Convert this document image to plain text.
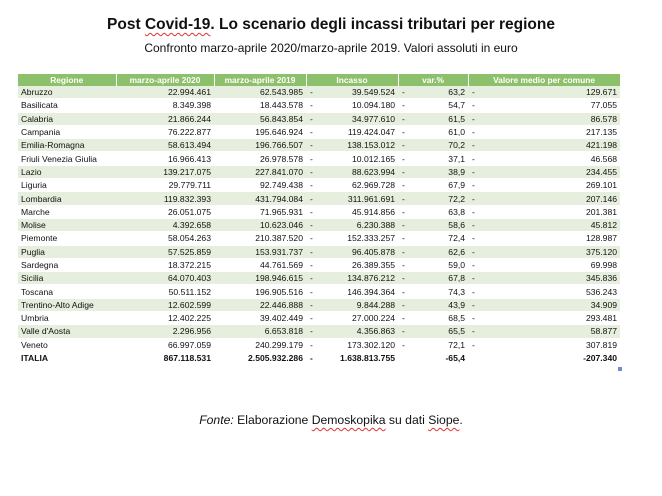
Post Covid-19. Lo scenario degli incassi tributari per regione
Confronto marzo-aprile 2020/marzo-aprile 2019. Valori assoluti in euro
Regione	marzo-aprile 2020	marzo-aprile 2019	Incasso		var.%		Valore medio per comune	
Abruzzo	22.994.461	62.543.985	-	39.549.524	-	63,2	-	129.671
Basilicata	8.349.398	18.443.578	-	10.094.180	-	54,7	-	77.055
Calabria	21.866.244	56.843.854	-	34.977.610	-	61,5	-	86.578
Campania	76.222.877	195.646.924	-	119.424.047	-	61,0	-	217.135
Emilia-Romagna	58.613.494	196.766.507	-	138.153.012	-	70,2	-	421.198
Friuli Venezia Giulia	16.966.413	26.978.578	-	10.012.165	-	37,1	-	46.568
Lazio	139.217.075	227.841.070	-	88.623.994	-	38,9	-	234.455
Liguria	29.779.711	92.749.438	-	62.969.728	-	67,9	-	269.101
Lombardia	119.832.393	431.794.084	-	311.961.691	-	72,2	-	207.146
Marche	26.051.075	71.965.931	-	45.914.856	-	63,8	-	201.381
Molise	4.392.658	10.623.046	-	6.230.388	-	58,6	-	45.812
Piemonte	58.054.263	210.387.520	-	152.333.257	-	72,4	-	128.987
Puglia	57.525.859	153.931.737	-	96.405.878	-	62,6	-	375.120
Sardegna	18.372.215	44.761.569	-	26.389.355	-	59,0	-	69.998
Sicilia	64.070.403	198.946.615	-	134.876.212	-	67,8	-	345.836
Toscana	50.511.152	196.905.516	-	146.394.364	-	74,3	-	536.243
Trentino-Alto Adige	12.602.599	22.446.888	-	9.844.288	-	43,9	-	34.909
Umbria	12.402.225	39.402.449	-	27.000.224	-	68,5	-	293.481
Valle d'Aosta	2.296.956	6.653.818	-	4.356.863	-	65,5	-	58.877
Veneto	66.997.059	240.299.179	-	173.302.120	-	72,1	-	307.819
ITALIA	867.118.531	2.505.932.286	-	1.638.813.755		-65,4		-207.340
Fonte: Elaborazione Demoskopika su dati Siope.
